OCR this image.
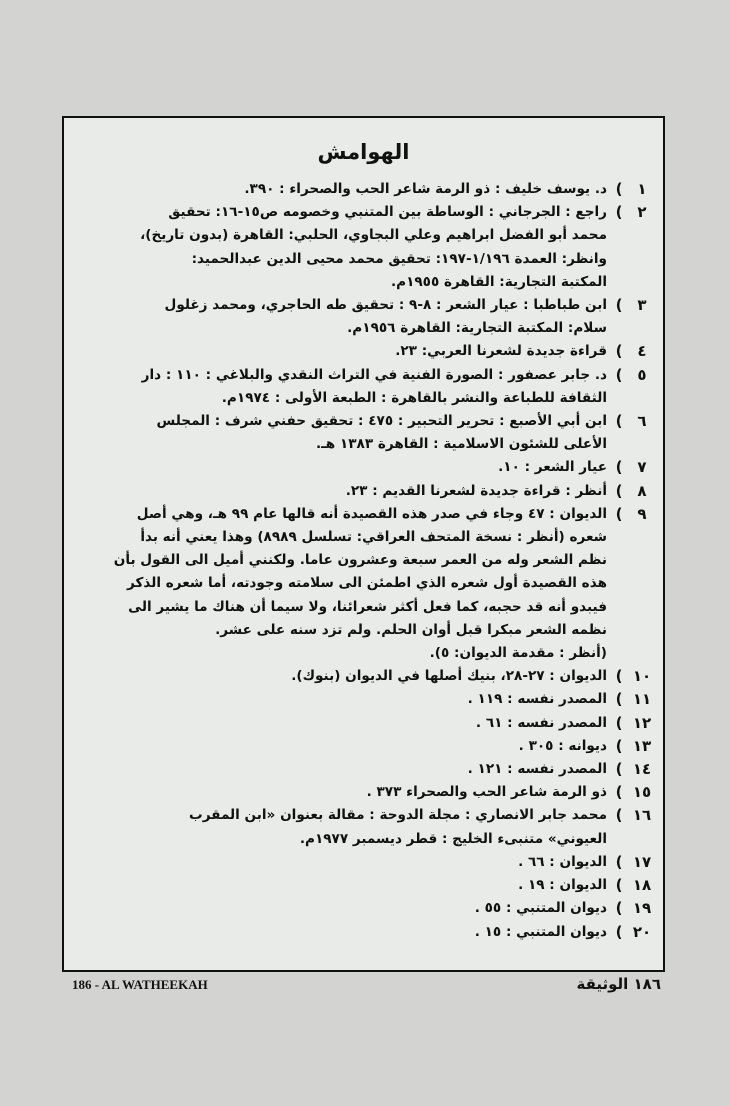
الهوامش
١
)
د. يوسف خليف : ذو الرمة شاعر الحب والصحراء : ٣٩٠.
٢
)
راجع : الجرجاني : الوساطة بين المتنبي وخصومه ص١٥-١٦: تحقيق
محمد أبو الفضل ابراهيم وعلي البجاوي، الحلبي: القاهرة (بدون تاريخ)،
وانظر: العمدة ١/١٩٦-١٩٧: تحقيق محمد محيى الدين عبدالحميد:
المكتبة التجارية: القاهرة ١٩٥٥م.
٣
)
ابن طباطبا : عيار الشعر : ٨-٩ : تحقيق طه الحاجري، ومحمد زغلول
سلام: المكتبة التجارية: القاهرة ١٩٥٦م.
٤
)
قراءة جديدة لشعرنا العربي: ٢٣.
٥
)
د. جابر عصفور : الصورة الفنية في التراث النقدي والبلاغي : ١١٠ : دار
الثقافة للطباعة والنشر بالقاهرة : الطبعة الأولى : ١٩٧٤م.
٦
)
ابن أبي الأصبع : تحرير التحبير : ٤٧٥ : تحقيق حفني شرف : المجلس
الأعلى للشئون الاسلامية : القاهرة ١٣٨٣ هـ.
٧
)
عيار الشعر : ١٠.
٨
)
أنظر : قراءة جديدة لشعرنا القديم : ٢٣.
٩
)
الديوان : ٤٧ وجاء في صدر هذه القصيدة أنه قالها عام ٩٩ هـ، وهي أصل
شعره (أنظر : نسخة المتحف العراقي: تسلسل ٨٩٨٩) وهذا يعني أنه بدأ
نظم الشعر وله من العمر سبعة وعشرون عاما. ولكنني أميل الى القول بأن
هذه القصيدة أول شعره الذي اطمئن الى سلامته وجودته، أما شعره الذكر
فيبدو أنه قد حجبه، كما فعل أكثر شعرائنا، ولا سيما أن هناك ما يشير الى
نظمه الشعر مبكرا قبل أوان الحلم. ولم تزد سنه على عشر.
(أنظر : مقدمة الديوان: ٥).
١٠
)
الديوان : ٢٧-٢٨، بنيك أصلها في الديوان (بنوك).
١١
)
المصدر نفسه : ١١٩ .
١٢
)
المصدر نفسه : ٦١ .
١٣
)
ديوانه : ٣٠٥ .
١٤
)
المصدر نفسه : ١٢١ .
١٥
)
ذو الرمة شاعر الحب والصحراء ٣٧٣ .
١٦
)
محمد جابر الانصاري : مجلة الدوحة : مقالة بعنوان «ابن المقرب
العيوني» متنبىء الخليج : قطر ديسمبر ١٩٧٧م.
١٧
)
الديوان : ٦٦ .
١٨
)
الديوان : ١٩ .
١٩
)
ديوان المتنبي : ٥٥ .
٢٠
)
ديوان المتنبي : ١٥ .
186 - AL WATHEEKAH	١٨٦ الوثيقة
